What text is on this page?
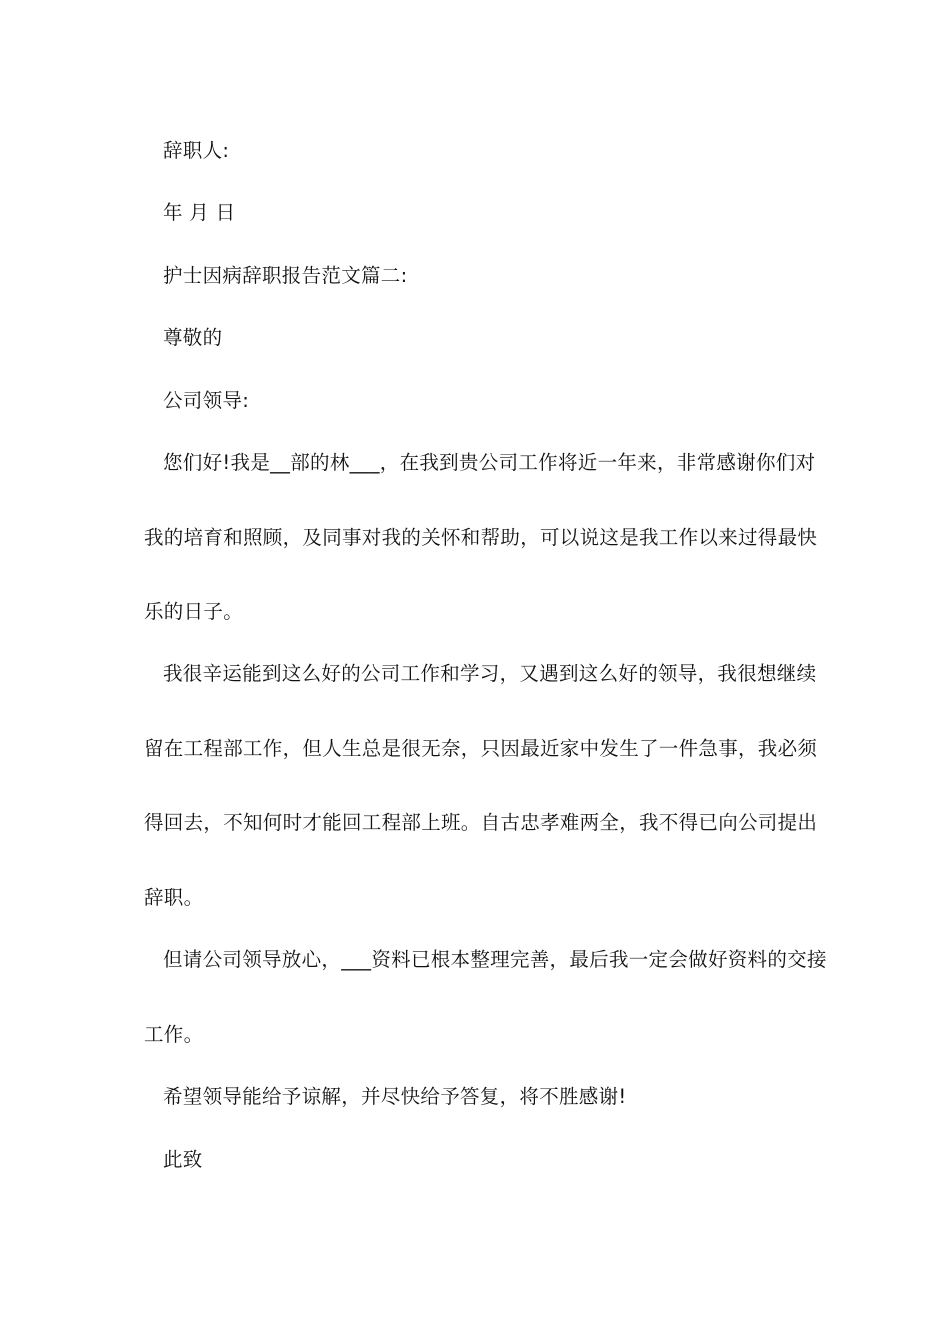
辞职人:
年 月 日
护士因病辞职报告范文篇二:
尊敬的
公司领导:
您们好!我是__部的林___，在我到贵公司工作将近一年来，非常感谢你们对
我的培育和照顾，及同事对我的关怀和帮助，可以说这是我工作以来过得最快
乐的日子。
我很辛运能到这么好的公司工作和学习，又遇到这么好的领导，我很想继续
留在工程部工作，但人生总是很无奈，只因最近家中发生了一件急事，我必须
得回去，不知何时才能回工程部上班。自古忠孝难两全，我不得已向公司提出
辞职。
但请公司领导放心，___资料已根本整理完善，最后我一定会做好资料的交接
工作。
希望领导能给予谅解，并尽快给予答复，将不胜感谢!
此致
